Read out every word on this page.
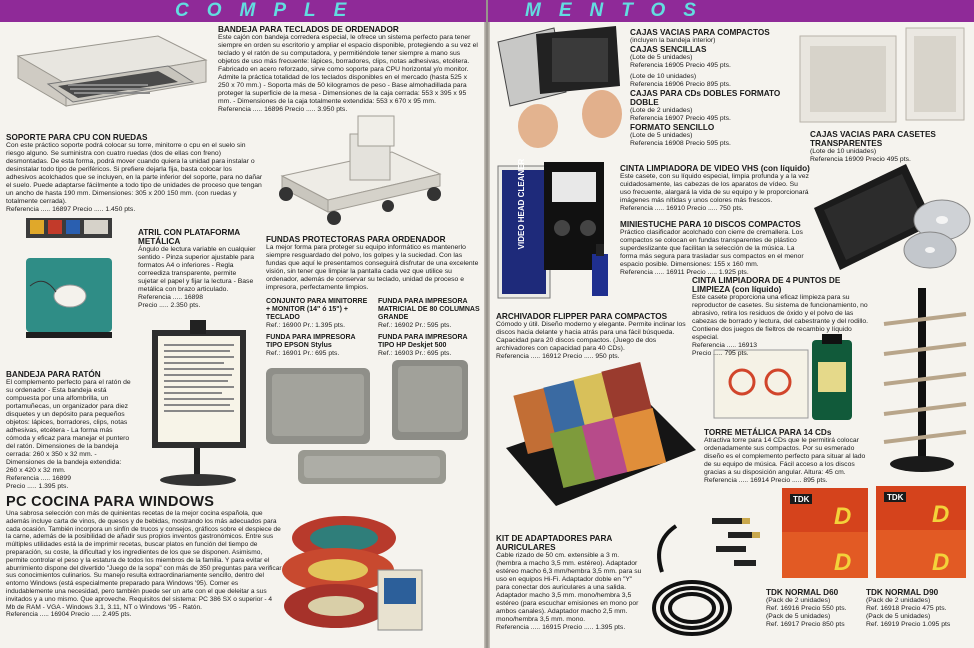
COMPLE	MENTOS
VIDEO HEAD CLEANER
TDK	TDK
D	D
D	D
BANDEJA PARA TECLADOS DE ORDENADOR
Este cajón con bandeja corredera especial, le ofrece un sistema perfecto para tener siempre en orden su escritorio y ampliar el espacio disponible, protegiendo a su vez el teclado y el ratón de su computadora, y permitiéndole tener siempre a mano sus objetos de uso más frecuente: lápices, borradores, clips, notas adhesivas, etcétera. Fabricado en acero reforzado, sirve como soporte para CPU horizontal y/o monitor. Admite la práctica totalidad de los teclados disponibles en el mercado (hasta 525 x 250 x 70 mm.) - Soporta más de 50 kilogramos de peso - Base almohadillada para proteger la superficie de la mesa - Dimensiones de la caja cerrada: 553 x 395 x 95 mm. - Dimensiones de la caja totalmente extendida: 553 x 670 x 95 mm.
Referencia ..... 16896 Precio ..... 3.950 pts.
SOPORTE PARA CPU CON RUEDAS
Con este práctico soporte podrá colocar su torre, minitorre o cpu en el suelo sin riesgo alguno. Se suministra con cuatro ruedas (dos de ellas con freno) desmontadas. De esta forma, podrá mover cuando quiera la unidad para instalar o desinstalar todo tipo de periféricos. Si prefiere dejarla fija, basta colocar los adhesivos acolchados que se incluyen, en la parte inferior del soporte, para no dañar el suelo. Puede adaptarse fácilmente a todo tipo de unidades de proceso que tengan un ancho de hasta 190 mm. Dimensiones: 305 x 200 150 mm. (con ruedas y totalmente cerrada).
Referencia ..... 16897 Precio ..... 1.450 pts.
ATRIL CON PLATAFORMA METÁLICA
Ángulo de lectura variable en cualquier sentido - Pinza superior ajustable para formatos A4 o inferiores - Regla correediza transparente, permite sujetar el papel y fijar la lectura - Base metálica con brazo articulado.
Referencia ..... 16898
Precio ..... 2.350 pts.
FUNDAS PROTECTORAS PARA ORDENADOR
La mejor forma para proteger su equipo informático es mantenerlo siempre resguardado del polvo, los golpes y la suciedad. Con las fundas que aquí le presentamos conseguirá disfrutar de una excelente visión, sin tener que limpiar la pantalla cada vez que utilice su ordenador, además de conservar su teclado, unidad de proceso e impresora, perfectamente limpios.
CONJUNTO PARA MINITORRE + MONITOR (14" ó 15") + TECLADO
Ref.: 16900 Pr.: 1.395 pts.
FUNDA PARA IMPRESORA MATRICIAL DE 80 COLUMNAS GRANDE
Ref.: 16902 Pr.: 595 pts.
FUNDA PARA IMPRESORA TIPO EPSON Stylus
Ref.: 16901 Pr.: 695 pts.
FUNDA PARA IMPRESORA TIPO HP Deskjet 500
Ref.: 16903 Pr.: 695 pts.
BANDEJA PARA RATÓN
El complemento perfecto para el ratón de su ordenador - Esta bandeja está compuesta por una alfombrilla, un portamuñecas, un organizador para diez disquetes y un depósito para pequeños objetos: lápices, borradores, clips, notas adhesivas, etcétera - La forma más cómoda y eficaz para manejar el puntero del ratón. Dimensiones de la bandeja cerrada: 260 x 350 x 32 mm. - Dimensiones de la bandeja extendida: 260 x 420 x 32 mm.
Referencia ..... 16899
Precio ..... 1.395 pts.
PC COCINA PARA WINDOWS
Una sabrosa selección con más de quinientas recetas de la mejor cocina española, que además incluye carta de vinos, de quesos y de bebidas, mostrando los más adecuados para cada ocasión. También incorpora un sinfín de trucos y consejos, gráficos sobre el despiece de la carne, además de la posibilidad de añadir sus propios inventos gastronómicos. Entre sus múltiples utilidades está la de imprimir recetas, buscar platos en función del tiempo de preparación, su coste, la dificultad y los ingredientes de los que se disponen. Asimismo, permite controlar el peso y la estatura de todos los miembros de la familia. Y para evitar el aburrimiento dispone del divertido "Juego de la sopa" con más de 350 preguntas para verificar sus conocimientos culinarios. Su manejo resulta extraordinariamente sencillo, dentro del entorno Windows (está especialmente preparado para Windows '95). Comer es indudablemente una necesidad, pero también puede ser un arte con el que deleitar a sus invitados y a uno mismo. Que aproveche. Requisitos del sistema: PC 386 SX o superior - 4 Mb de RAM - VGA - Windows 3.1, 3.11, NT o Windows '95 - Ratón.
Referencia ..... 16904 Precio ..... 2.495 pts.
CAJAS VACIAS PARA COMPACTOS
(incluyen la bandeja interior)
CAJAS SENCILLAS
(Lote de 5 unidades)
Referencia 16905 Precio 495 pts.
(Lote de 10 unidades)
Referencia 16906 Precio 895 pts.
CAJAS PARA CDs DOBLES FORMATO DOBLE
(Lote de 2 unidades)
Referencia 16907 Precio 495 pts.
FORMATO SENCILLO
(Lote de 5 unidades)
Referencia 16908 Precio 595 pts.
CAJAS VACIAS PARA CASETES TRANSPARENTES
(Lote de 10 unidades)
Referencia 16909 Precio 495 pts.
CINTA LIMPIADORA DE VIDEO VHS (con líquido)
Este casete, con su líquido especial, limpia profunda y a la vez cuidadosamente, las cabezas de los aparatos de vídeo. Su uso frecuente, alargará la vida de su equipo y le proporcionará imágenes más nítidas y unos colores más frescos.
Referencia ..... 16910 Precio ..... 750 pts.
MINIESTUCHE PARA 10 DISCOS COMPACTOS
Práctico clasificador acolchado con cierre de cremallera. Los compactos se colocan en fundas transparentes de plástico superdeslizante que facilitan la selección de la música. La forma más segura para trasladar sus compactos en el menor espacio posible. Dimensiones: 155 x 160 mm.
Referencia ..... 16911 Precio ..... 1.925 pts.
CINTA LIMPIADORA DE 4 PUNTOS DE LIMPIEZA (con líquido)
Este casete proporciona una eficaz limpieza para su reproductor de casetes. Su sistema de funcionamiento, no abrasivo, retira los residuos de óxido y el polvo de las cabezas de borrado y lectura, del cabestrante y del rodillo. Contiene dos juegos de fieltros de recambio y líquido especial.
Referencia ..... 16913
Precio ..... 795 pts.
ARCHIVADOR FLIPPER PARA COMPACTOS
Cómodo y útil. Diseño moderno y elegante. Permite inclinar los discos hacia delante y hacia atrás para una fácil búsqueda. Capacidad para 20 discos compactos. (Juego de dos archivadores con capacidad para 40 CDs).
Referencia ..... 16912 Precio ..... 950 pts.
TORRE METÁLICA PARA 14 CDs
Atractiva torre para 14 CDs que le permitirá colocar ordenadamente sus compactos. Por su esmerado diseño es el complemento perfecto para situar al lado de su equipo de música. Fácil acceso a los discos gracias a su disposición angular. Altura: 45 cm.
Referencia ..... 16914 Precio ..... 895 pts.
KIT DE ADAPTADORES PARA AURICULARES
Cable rizado de 50 cm. extensible a 3 m. (hembra a macho 3,5 mm. estéreo). Adaptador estéreo macho 6,3 mm/hembra 3,5 mm. para su uso en equipos Hi-Fi. Adaptador doble en "Y" para conectar dos auriculares a una salida. Adaptador macho 3,5 mm. mono/hembra 3,5 estéreo (para escuchar emisiones en mono por ambos canales). Adaptador macho 2,5 mm. mono/hembra 3,5 mm. mono.
Referencia ..... 16915 Precio ..... 1.395 pts.
TDK NORMAL D60
(Pack de 2 unidades)
Ref. 16916 Precio 550 pts.
(Pack de 5 unidades)
Ref. 16917 Precio 850 pts
TDK NORMAL D90
(Pack de 2 unidades)
Ref. 16918 Precio 475 pts.
(Pack de 5 unidades)
Ref. 16919 Precio 1.095 pts
